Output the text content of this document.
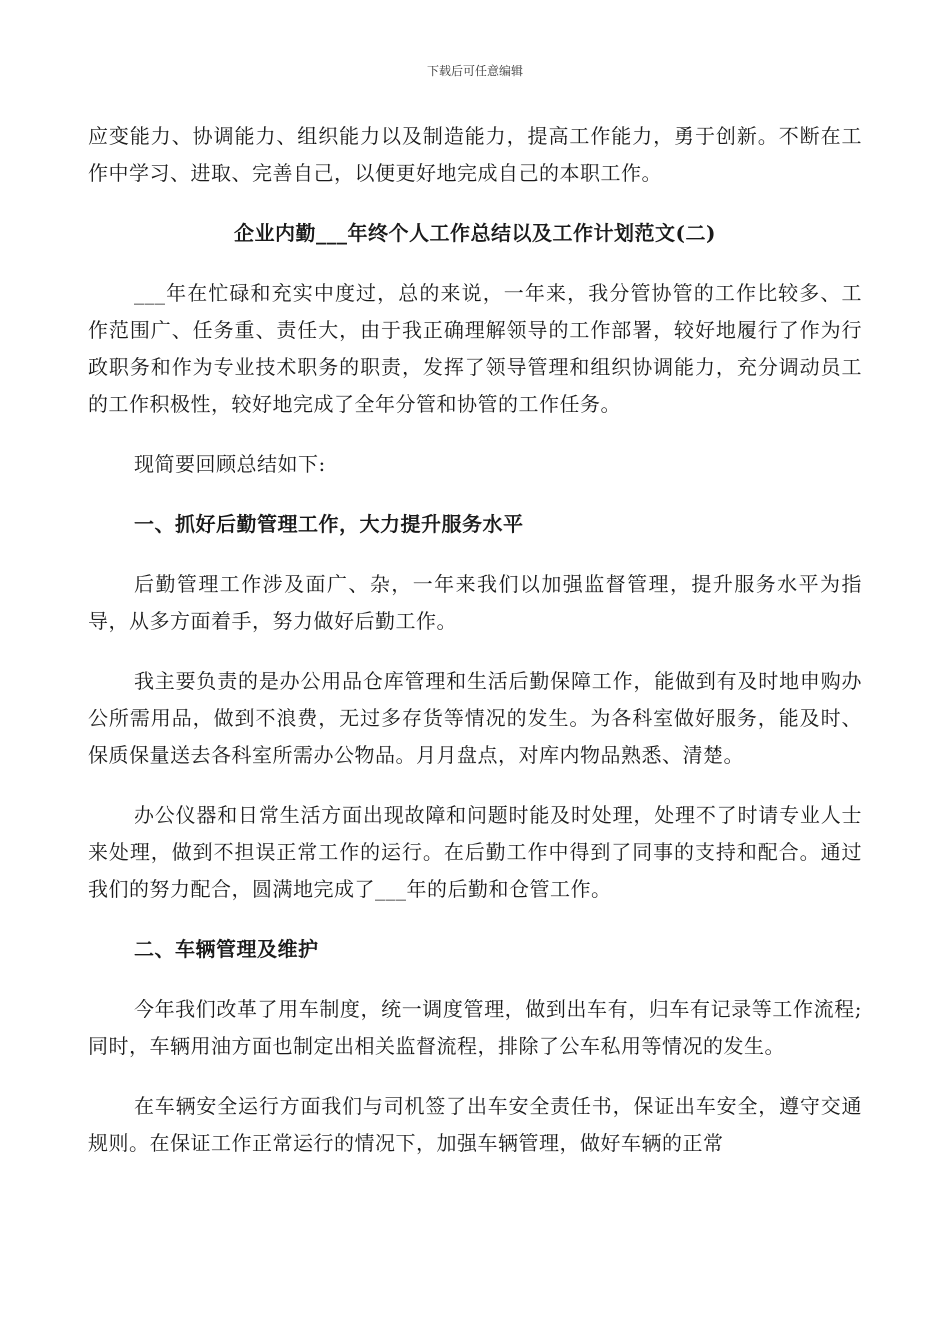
下载后可任意编辑

应变能力、协调能力、组织能力以及制造能力，提高工作能力，勇于创新。不断在工作中学习、进取、完善自己，以便更好地完成自己的本职工作。

企业内勤___年终个人工作总结以及工作计划范文(二)

___年在忙碌和充实中度过，总的来说，一年来，我分管协管的工作比较多、工作范围广、任务重、责任大，由于我正确理解领导的工作部署，较好地履行了作为行政职务和作为专业技术职务的职责，发挥了领导管理和组织协调能力，充分调动员工的工作积极性，较好地完成了全年分管和协管的工作任务。

现简要回顾总结如下:

一、抓好后勤管理工作，大力提升服务水平

后勤管理工作涉及面广、杂，一年来我们以加强监督管理，提升服务水平为指导，从多方面着手，努力做好后勤工作。

我主要负责的是办公用品仓库管理和生活后勤保障工作，能做到有及时地申购办公所需用品，做到不浪费，无过多存货等情况的发生。为各科室做好服务，能及时、保质保量送去各科室所需办公物品。月月盘点，对库内物品熟悉、清楚。

办公仪器和日常生活方面出现故障和问题时能及时处理，处理不了时请专业人士来处理，做到不担误正常工作的运行。在后勤工作中得到了同事的支持和配合。通过我们的努力配合，圆满地完成了___年的后勤和仓管工作。

二、车辆管理及维护

今年我们改革了用车制度，统一调度管理，做到出车有，归车有记录等工作流程;同时，车辆用油方面也制定出相关监督流程，排除了公车私用等情况的发生。

在车辆安全运行方面我们与司机签了出车安全责任书，保证出车安全，遵守交通规则。在保证工作正常运行的情况下，加强车辆管理，做好车辆的正常
